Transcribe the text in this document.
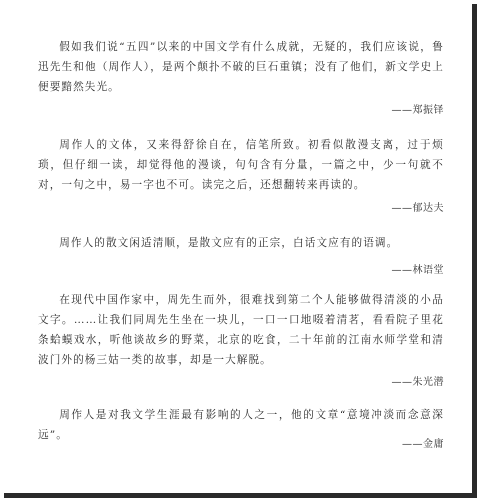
假如我们说“五四”以来的中国文学有什么成就，无疑的，我们应该说，鲁迅先生和他（周作人），是两个颠扑不破的巨石重镇；没有了他们，新文学史上便要黯然失光。

——郑振铎

周作人的文体，又来得舒徐自在，信笔所致。初看似散漫支离，过于烦琐，但仔细一读，却觉得他的漫谈，句句含有分量，一篇之中，少一句就不对，一句之中，易一字也不可。读完之后，还想翻转来再读的。

——郁达夫

周作人的散文闲适清顺，是散文应有的正宗，白话文应有的语调。

——林语堂

在现代中国作家中，周先生而外，很难找到第二个人能够做得清淡的小品文字。……让我们同周先生坐在一块儿，一口一口地啜着清茗，看看院子里花条蛤蟆戏水，听他谈故乡的野菜，北京的吃食，二十年前的江南水师学堂和清波门外的杨三姑一类的故事，却是一大解脱。

——朱光潜

周作人是对我文学生涯最有影响的人之一，他的文章“意境冲淡而念意深远”。

——金庸
